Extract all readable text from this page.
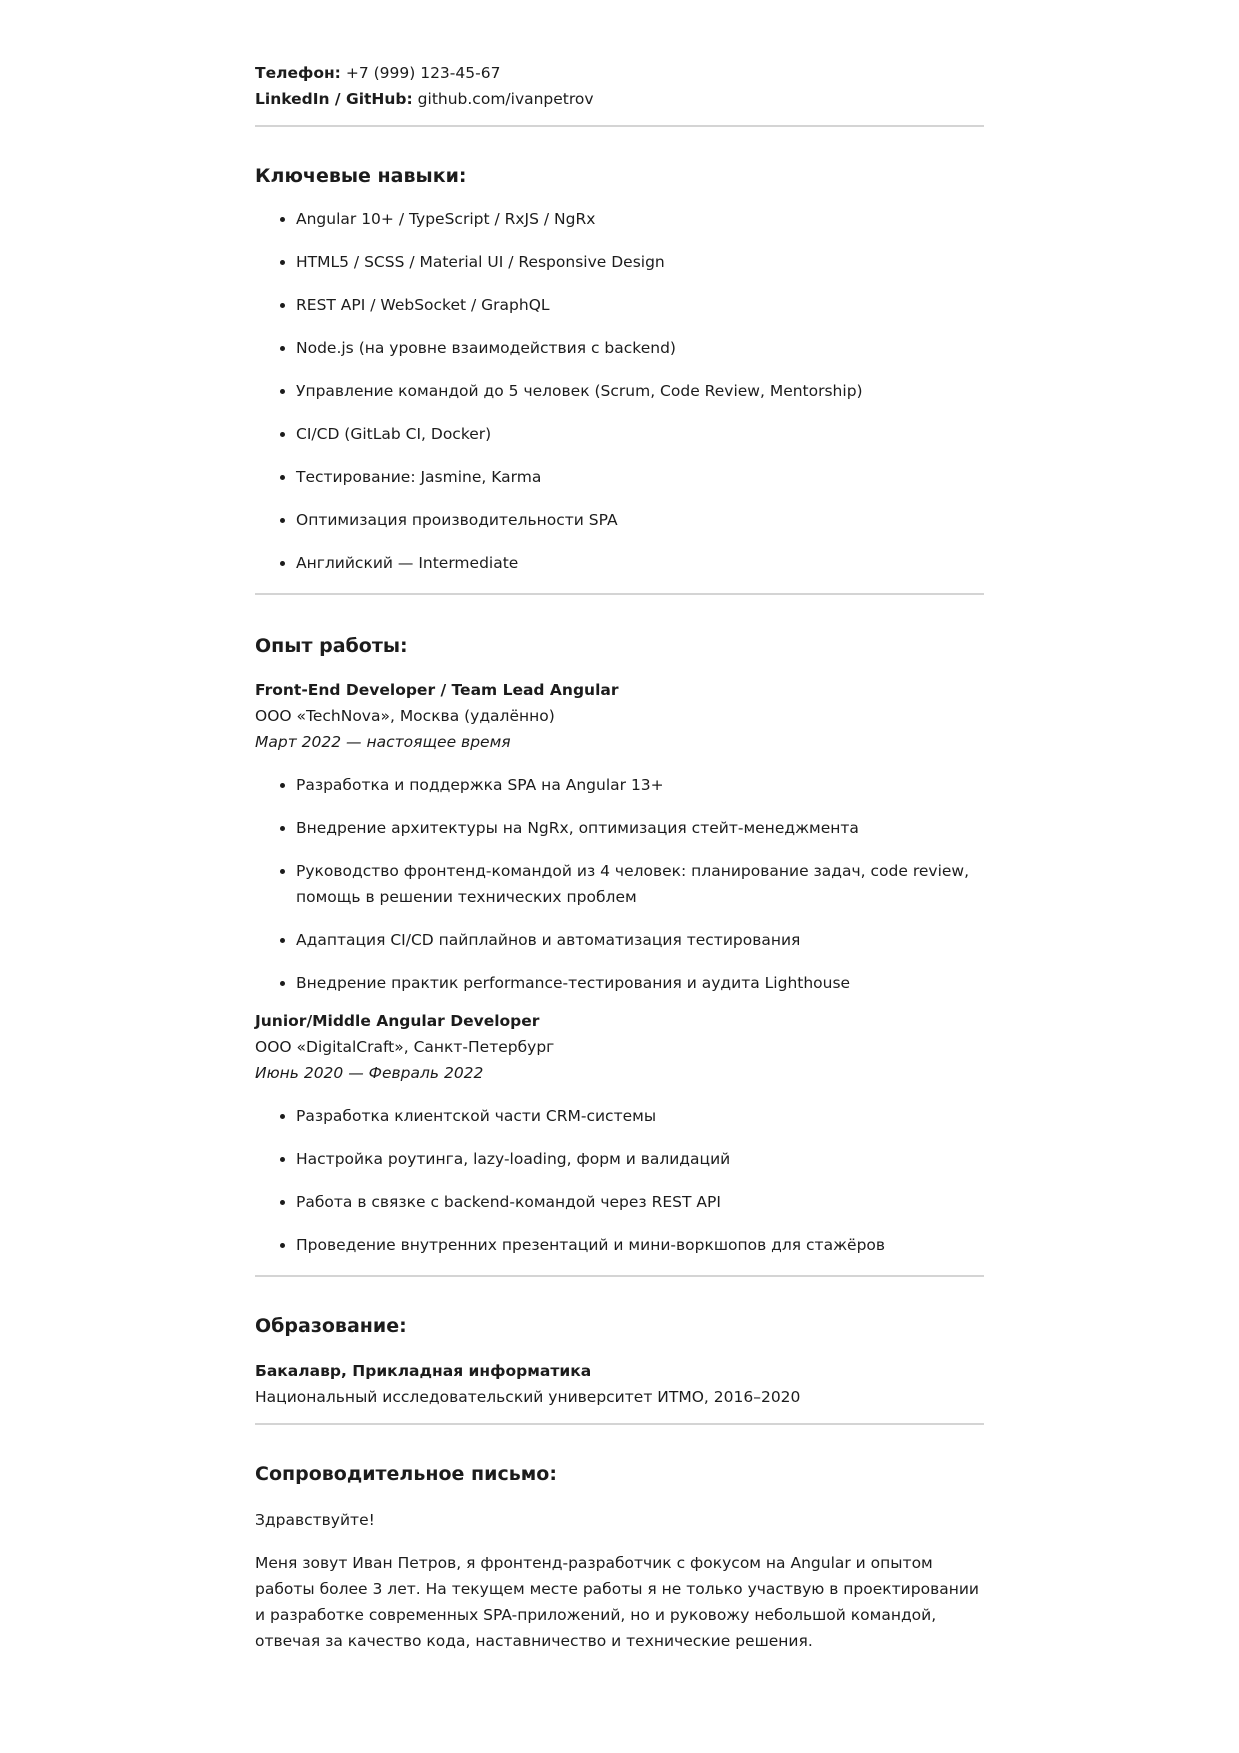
Телефон: +7 (999) 123-45-67

LinkedIn / GitHub: github.com/ivanpetrov

Ключевые навыки:
• Angular 10+ / TypeScript / RxJS / NgRx
• HTML5 / SCSS / Material UI / Responsive Design
• REST API / WebSocket / GraphQL
• Node.js (на уровне взаимодействия с backend)
• Управление командой до 5 человек (Scrum, Code Review, Mentorship)
• CI/CD (GitLab CI, Docker)
• Тестирование: Jasmine, Karma
• Оптимизация производительности SPA
• Английский — Intermediate
Опыт работы:

Front-End Developer / Team Lead Angular

ООО «TechNova», Москва (удалённо)

Март 2022 — настоящее время

• Разработка и поддержка SPA на Angular 13+
• Внедрение архитектуры на NgRx, оптимизация стейт-менеджмента
• Руководство фронтенд-командой из 4 человек: планирование задач, code review, помощь в решении технических проблем
• Адаптация CI/CD пайплайнов и автоматизация тестирования
• Внедрение практик performance-тестирования и аудита Lighthouse

Junior/Middle Angular Developer

ООО «DigitalCraft», Санкт-Петербург

Июнь 2020 — Февраль 2022

• Разработка клиентской части CRM-системы
• Настройка роутинга, lazy-loading, форм и валидаций
• Работа в связке с backend-командой через REST API
• Проведение внутренних презентаций и мини-воркшопов для стажёров
Образование:

Бакалавр, Прикладная информатика

Национальный исследовательский университет ИТМО, 2016–2020

Сопроводительное письмо:

Здравствуйте!

Меня зовут Иван Петров, я фронтенд-разработчик с фокусом на Angular и опытом работы более 3 лет. На текущем месте работы я не только участвую в проектировании и разработке современных SPA-приложений, но и руковожу небольшой командой, отвечая за качество кода, наставничество и технические решения.
